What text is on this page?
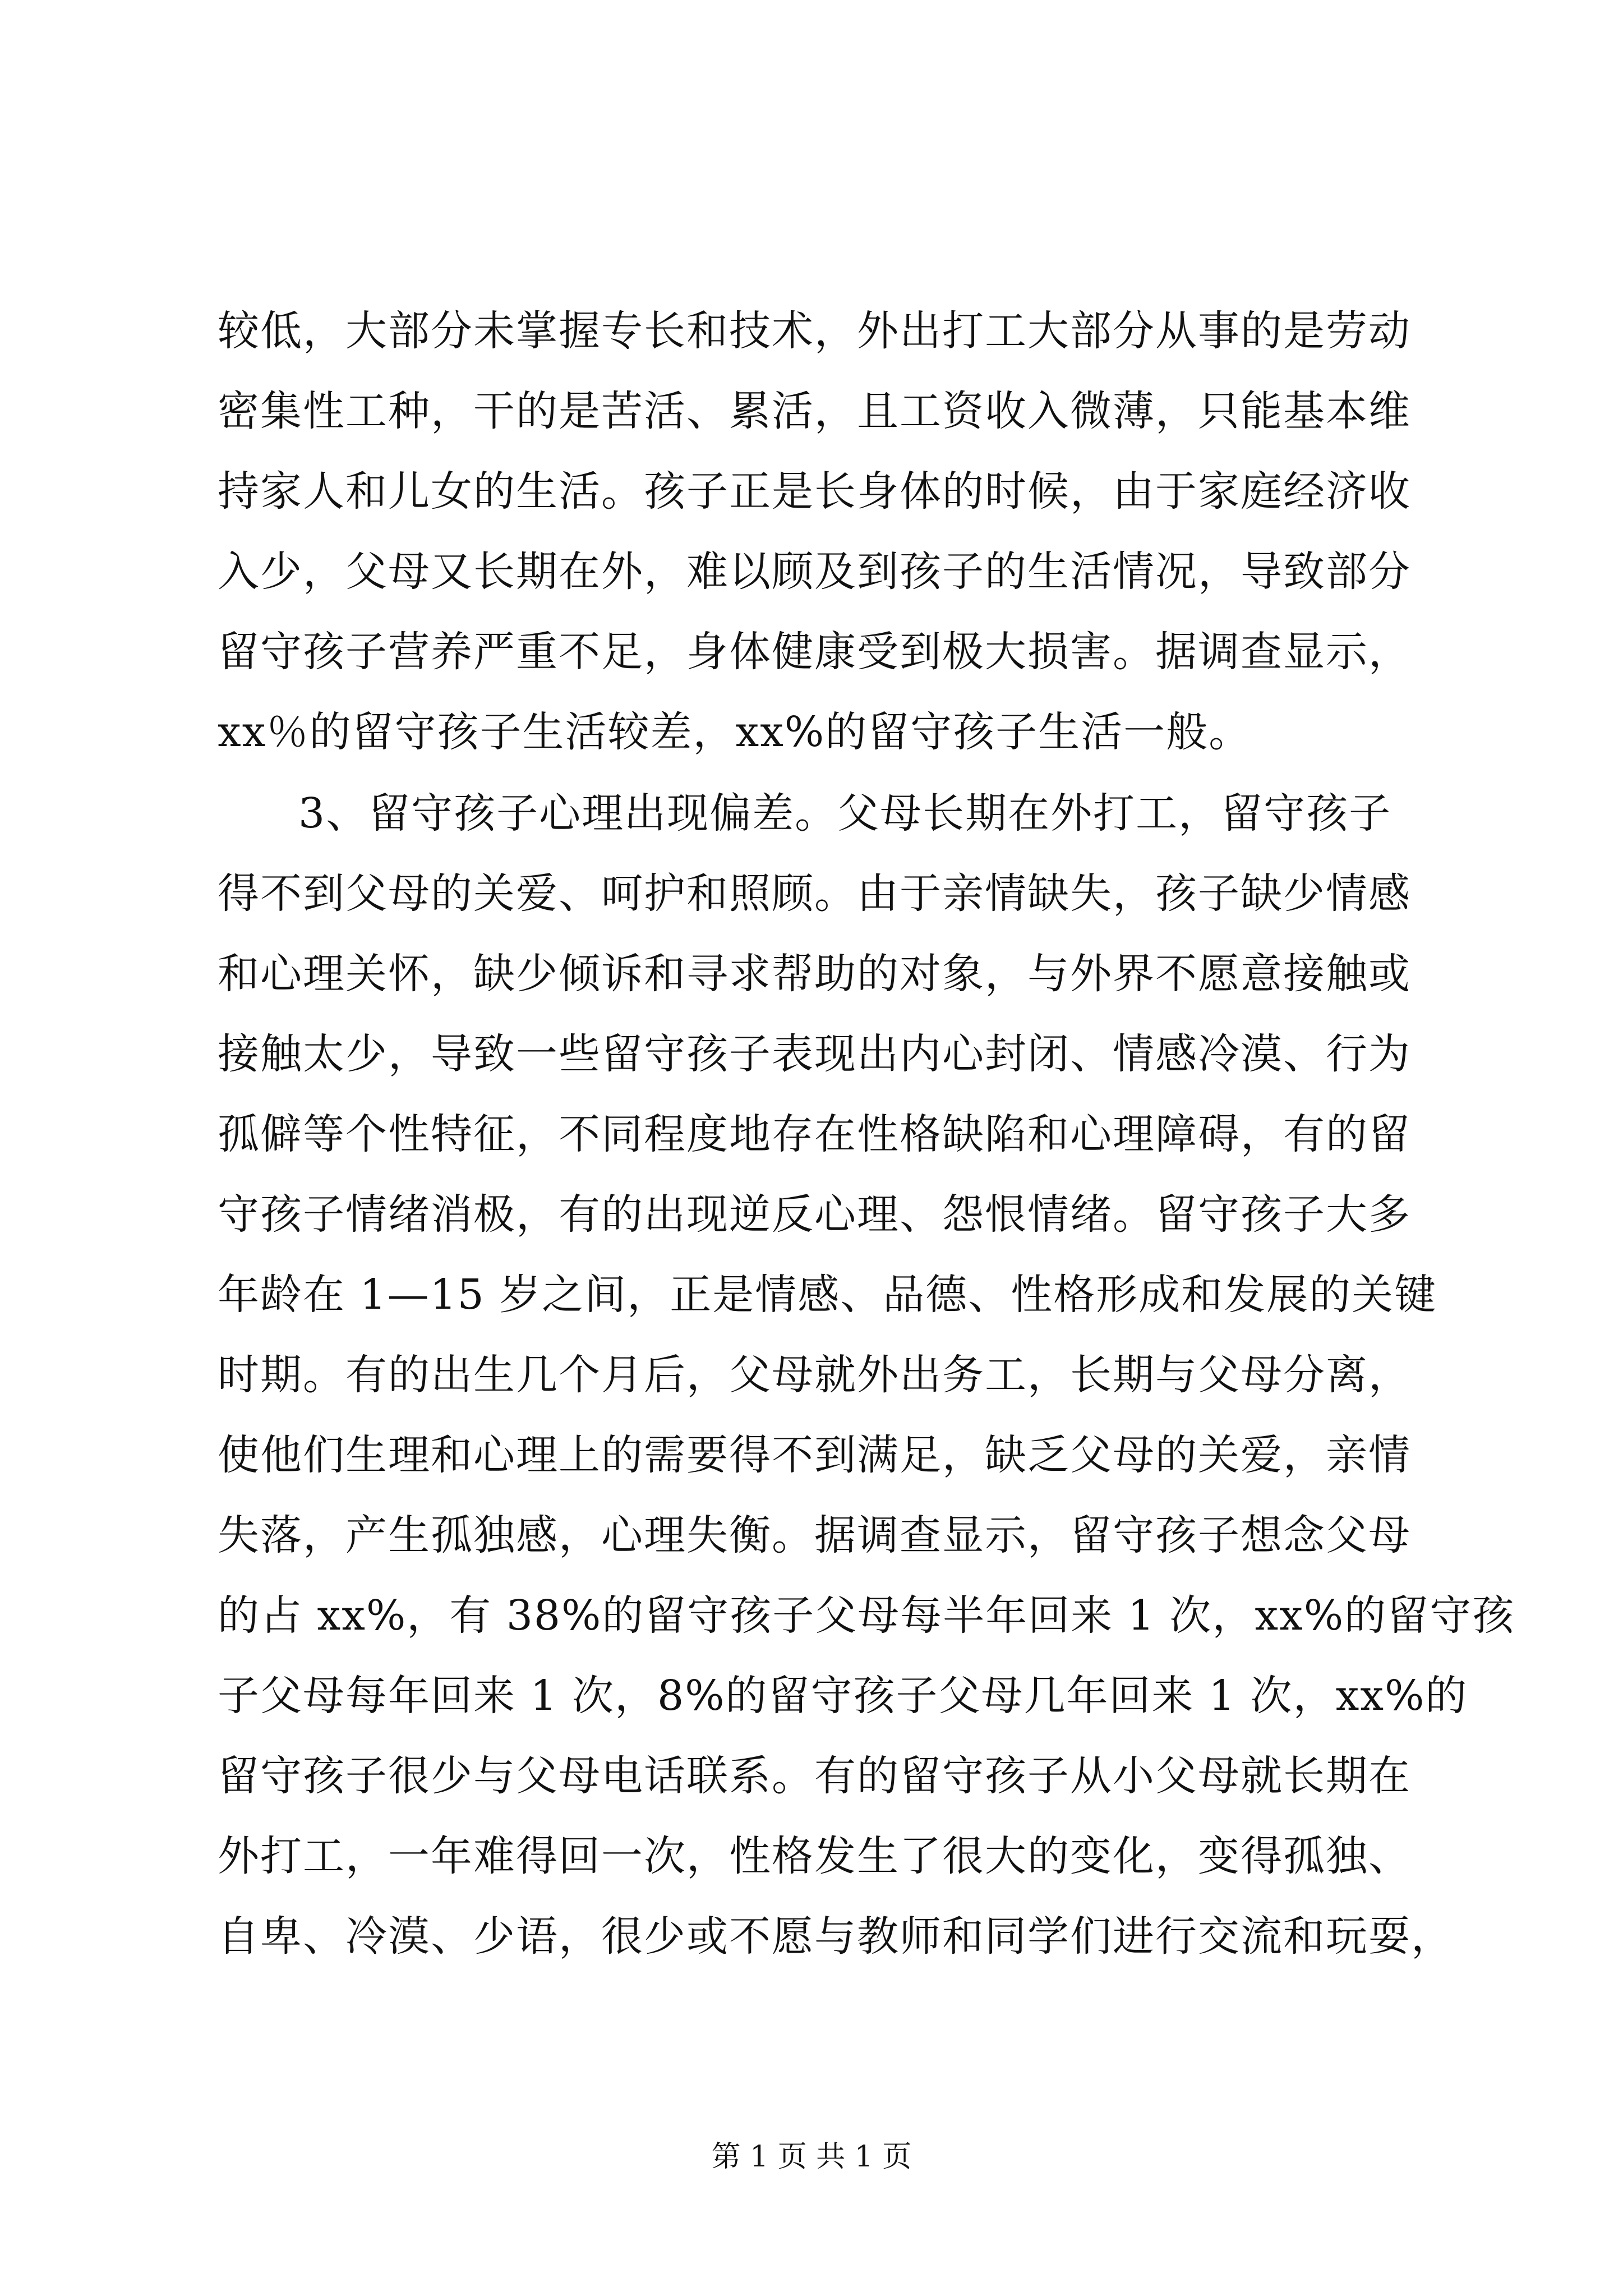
较低，大部分未掌握专长和技术，外出打工大部分从事的是劳动
密集性工种，干的是苦活、累活，且工资收入微薄，只能基本维
持家人和儿女的生活。孩子正是长身体的时候，由于家庭经济收
入少，父母又长期在外，难以顾及到孩子的生活情况，导致部分
留守孩子营养严重不足，身体健康受到极大损害。据调查显示，
xx％的留守孩子生活较差，xx%的留守孩子生活一般。
3、留守孩子心理出现偏差。父母长期在外打工，留守孩子
得不到父母的关爱、呵护和照顾。由于亲情缺失，孩子缺少情感
和心理关怀，缺少倾诉和寻求帮助的对象，与外界不愿意接触或
接触太少，导致一些留守孩子表现出内心封闭、情感冷漠、行为
孤僻等个性特征，不同程度地存在性格缺陷和心理障碍，有的留
守孩子情绪消极，有的出现逆反心理、怨恨情绪。留守孩子大多
年龄在 1—15 岁之间，正是情感、品德、性格形成和发展的关键
时期。有的出生几个月后，父母就外出务工，长期与父母分离，
使他们生理和心理上的需要得不到满足，缺乏父母的关爱，亲情
失落，产生孤独感，心理失衡。据调查显示，留守孩子想念父母
的占 xx%，有 38%的留守孩子父母每半年回来 1 次，xx%的留守孩
子父母每年回来 1 次，8%的留守孩子父母几年回来 1 次，xx%的
留守孩子很少与父母电话联系。有的留守孩子从小父母就长期在
外打工，一年难得回一次，性格发生了很大的变化，变得孤独、
自卑、冷漠、少语，很少或不愿与教师和同学们进行交流和玩耍，
第 1 页 共 1 页
